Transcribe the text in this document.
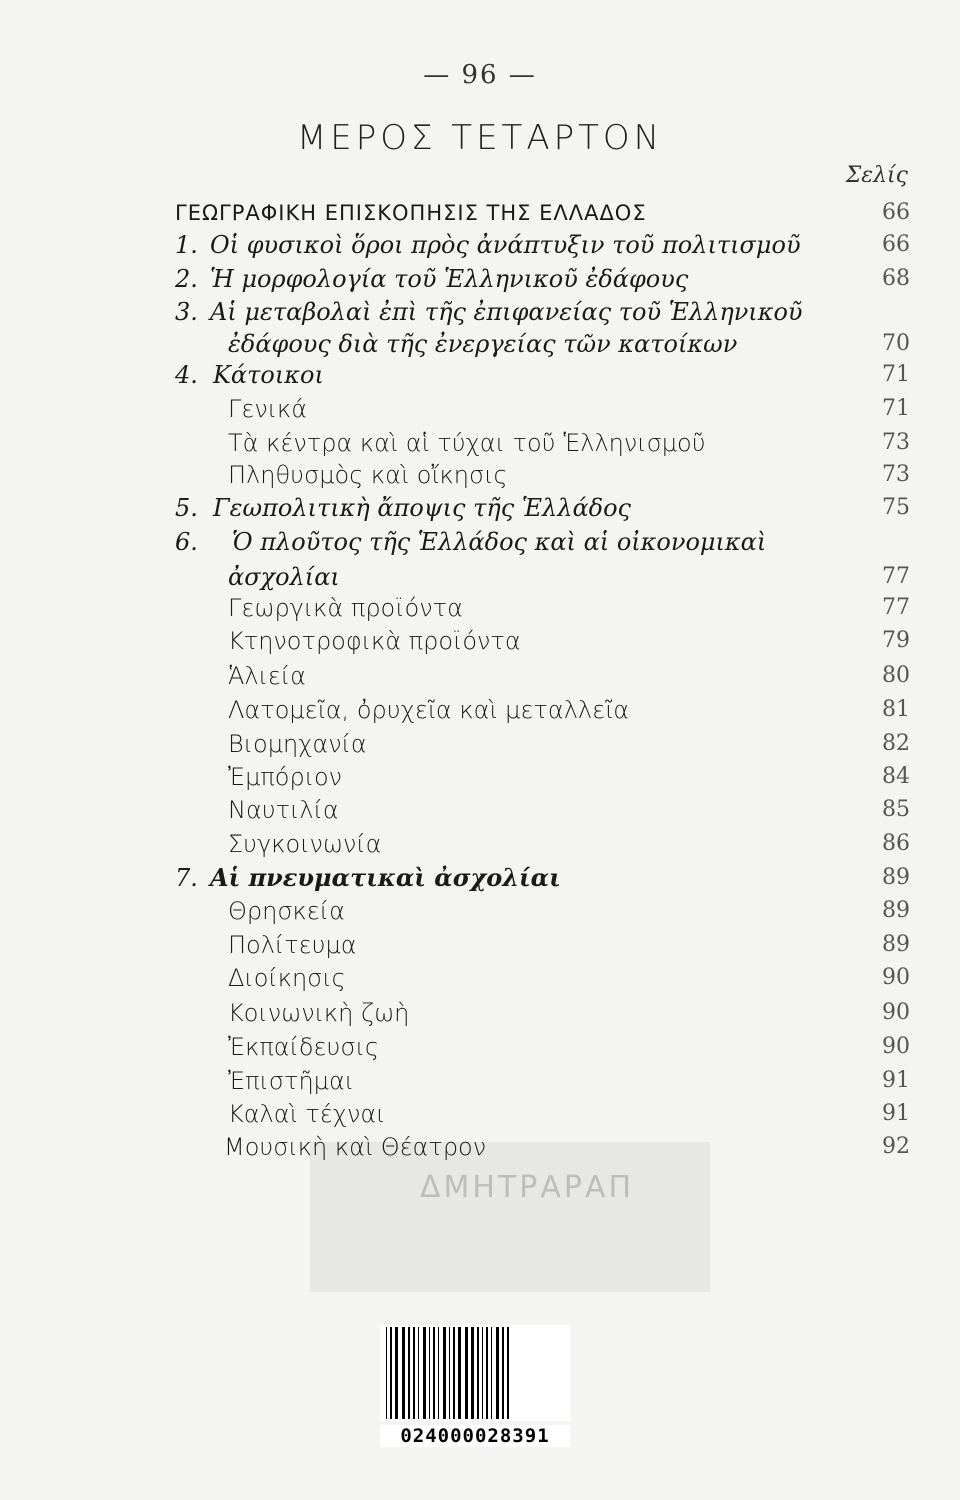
— 96 —
ΜΕΡΟΣ ΤΕΤΑΡΤΟΝ
Σελίς
ΓΕΩΓΡΑΦΙΚΗ ΕΠΙΣΚΟΠΗΣΙΣ ΤΗΣ ΕΛΛΑΔΟΣ	66
1. Οἱ φυσικοὶ ὅροι πρὸς ἀνάπτυξιν τοῦ πολιτισμοῦ	66
2. Ἡ μορφολογία τοῦ Ἑλληνικοῦ ἐδάφους	68
3. Αἱ μεταβολαὶ ἐπὶ τῆς ἐπιφανείας τοῦ Ἑλληνικοῦ
ἐδάφους διὰ τῆς ἐνεργείας τῶν κατοίκων	70
4. Κάτοικοι	71
Γενικά	71
Τὰ κέντρα καὶ αἱ τύχαι τοῦ Ἑλληνισμοῦ	73
Πληθυσμὸς καὶ οἴκησις	73
5. Γεωπολιτικὴ ἄποψις τῆς Ἑλλάδος	75
6. Ὁ πλοῦτος τῆς Ἑλλάδος καὶ αἱ οἰκονομικαὶ
ἀσχολίαι	77
Γεωργικὰ προϊόντα	77
Κτηνοτροφικὰ προϊόντα	79
Ἁλιεία	80
Λατομεῖα, ὀρυχεῖα καὶ μεταλλεῖα	81
Βιομηχανία	82
Ἐμπόριον	84
Ναυτιλία	85
Συγκοινωνία	86
7. Αἱ πνευματικαὶ ἀσχολίαι	89
Θρησκεία	89
Πολίτευμα	89
Διοίκησις	90
Κοινωνικὴ ζωὴ	90
Ἐκπαίδευσις	90
Ἐπιστῆμαι	91
Καλαὶ τέχναι	91
Μουσικὴ καὶ Θέατρον	92
ΔΜΗΤΡΑΡΑΠ
024000028391
